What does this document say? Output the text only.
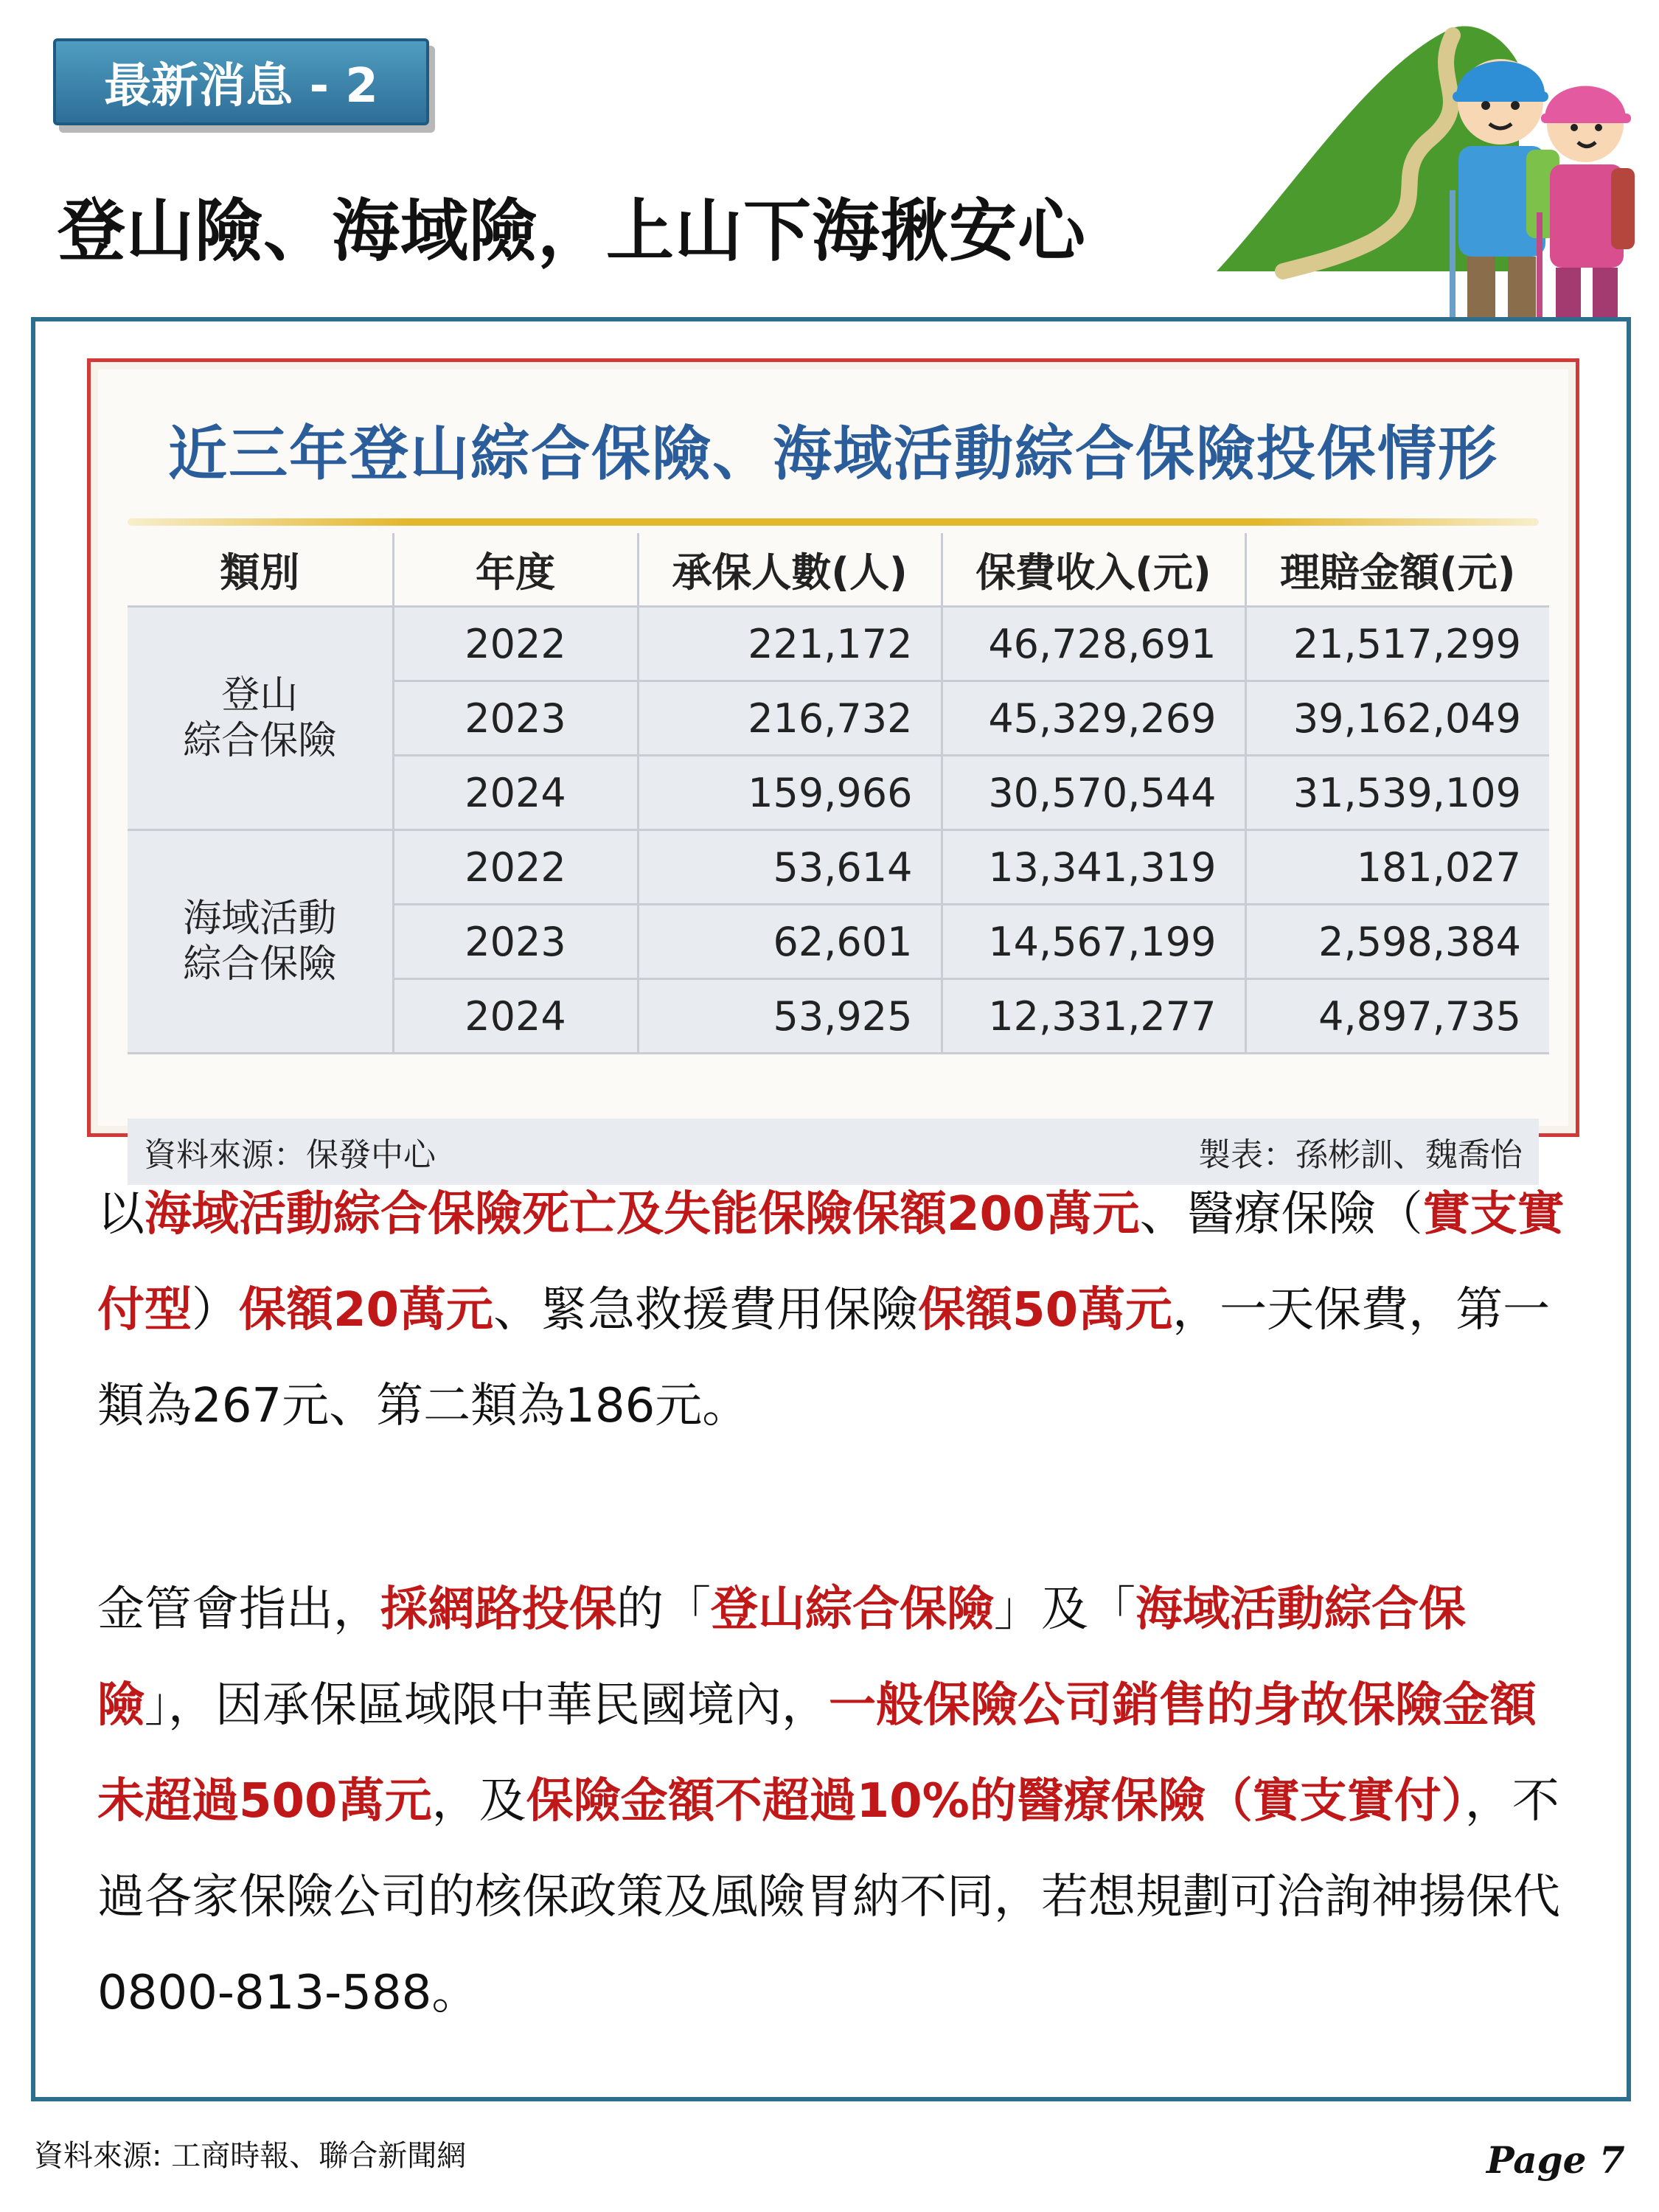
最新消息 - 2
登山險、海域險，上山下海揪安心
近三年登山綜合保險、海域活動綜合保險投保情形
類別	年度	承保人數(人)	保費收入(元)	理賠金額(元)

登山
綜合保險	2022	221,172	46,728,691	21,517,299
	2023	216,732	45,329,269	39,162,049
	2024	159,966	30,570,544	31,539,109

海域活動
綜合保險	2022	53,614	13,341,319	181,027
	2023	62,601	14,567,199	2,598,384
	2024	53,925	12,331,277	4,897,735
資料來源：保發中心	製表：孫彬訓、魏喬怡
以海域活動綜合保險死亡及失能保險保額200萬元、醫療保險（實支實付型）保額20萬元、緊急救援費用保險保額50萬元，一天保費，第一類為267元、第二類為186元。
金管會指出，採網路投保的「登山綜合保險」及「海域活動綜合保險」，因承保區域限中華民國境內，一般保險公司銷售的身故保險金額未超過500萬元，及保險金額不超過10%的醫療保險（實支實付），不過各家保險公司的核保政策及風險胃納不同，若想規劃可洽詢神揚保代 0800-813-588。
資料來源: 工商時報、聯合新聞網	Page 7
